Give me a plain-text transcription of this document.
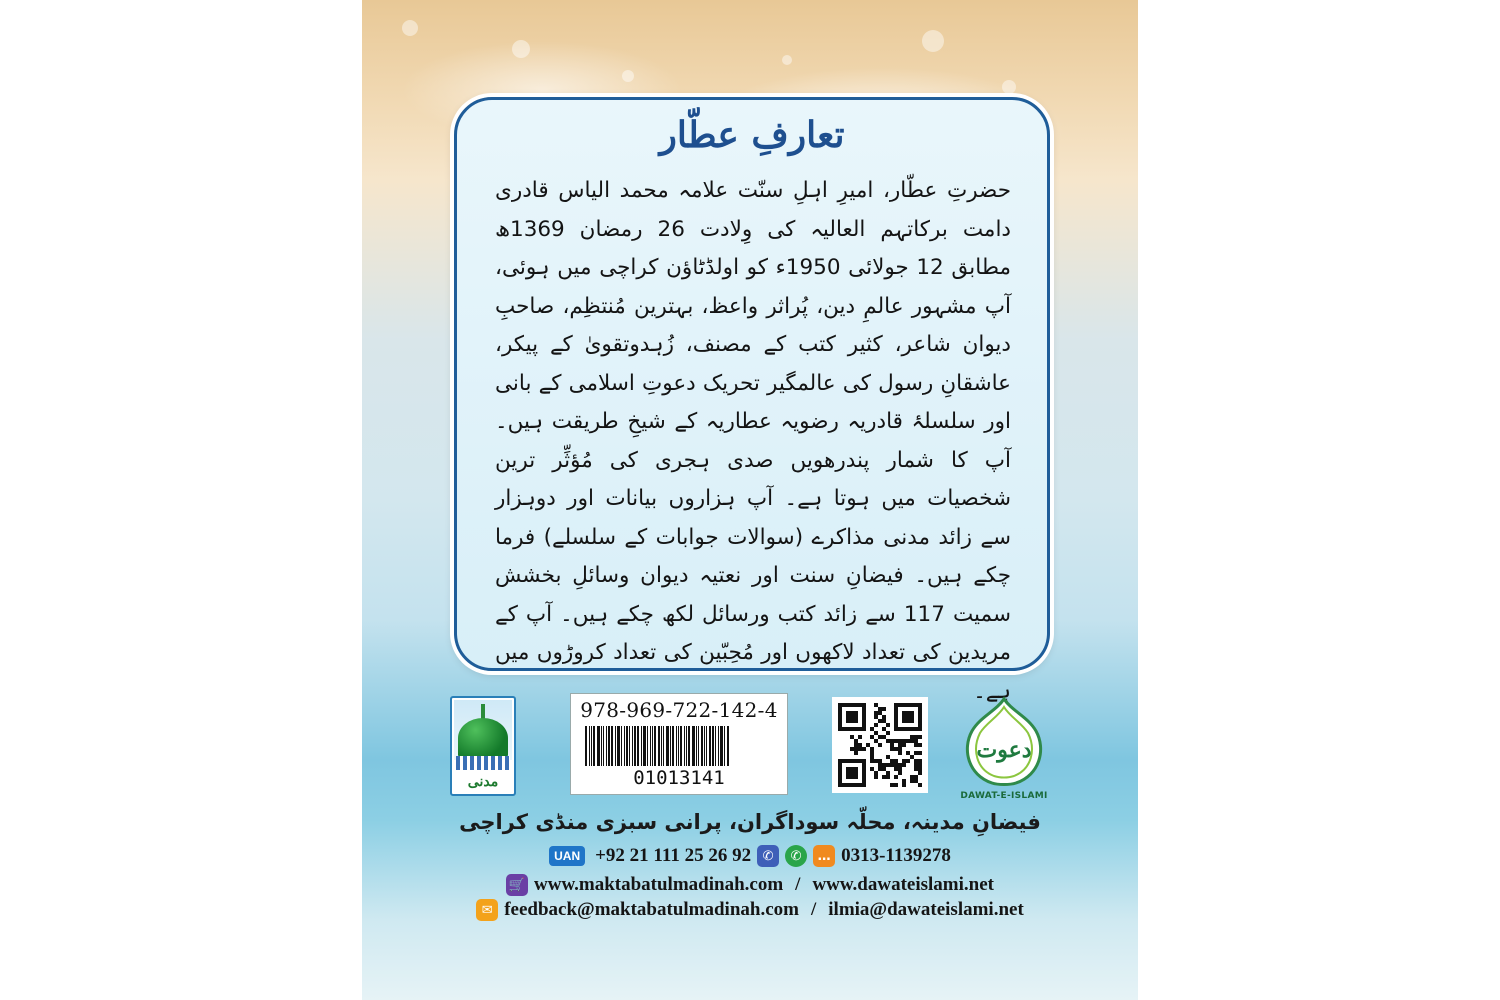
تعارفِ عطّار
حضرتِ عطّار، امیرِ اہلِ سنّت علامہ محمد الیاس قادری دامت برکاتہم العالیہ کی وِلادت 26 رمضان 1369ھ مطابق 12 جولائی 1950ء کو اولڈٹاؤن کراچی میں ہوئی، آپ مشہور عالمِ دین، پُراثر واعظ، بہترین مُنتظِم، صاحبِ دیوان شاعر، کثیر کتب کے مصنف، زُہدوتقویٰ کے پیکر، عاشقانِ رسول کی عالمگیر تحریک دعوتِ اسلامی کے بانی اور سلسلۂ قادریہ رضویہ عطاریہ کے شیخِ طریقت ہیں۔ آپ کا شمار پندرھویں صدی ہجری کی مُؤثِّر ترین شخصیات میں ہوتا ہے۔ آپ ہزاروں بیانات اور دوہزار سے زائد مدنی مذاکرے (سوالات جوابات کے سلسلے) فرما چکے ہیں۔ فیضانِ سنت اور نعتیہ دیوان وسائلِ بخشش سمیت 117 سے زائد کتب ورسائل لکھ چکے ہیں۔ آپ کے مریدین کی تعداد لاکھوں اور مُحِبّین کی تعداد کروڑوں میں ہے۔
مدنی
978-969-722-142-4
01013141
دعوت
DAWAT-E-ISLAMI
فیضانِ مدینہ، محلّہ سوداگران، پرانی سبزی منڈی کراچی
UAN +92 21 111 25 26 92 ✆	✆	… 0313-1139278
🛒 www.maktabatulmadinah.com / www.dawateislami.net
✉ feedback@maktabatulmadinah.com / ilmia@dawateislami.net
